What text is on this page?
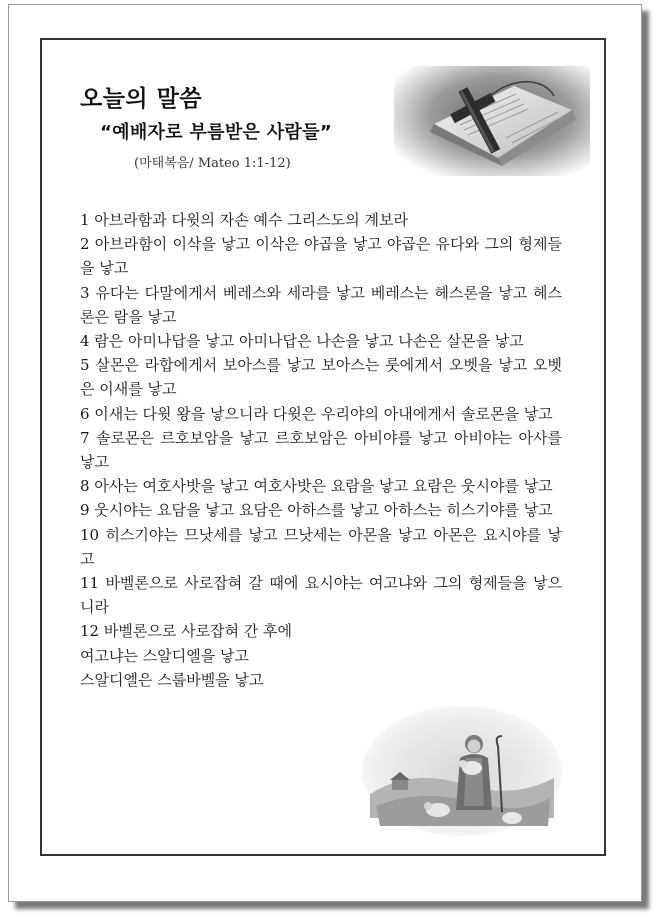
오늘의 말씀

“예배자로 부름받은 사람들”

(마태복음/ Mateo 1:1-12)

1 아브라함과 다윗의 자손 예수 그리스도의 계보라
2 아브라함이 이삭을 낳고 이삭은 야곱을 낳고 야곱은 유다와 그의 형제들을 낳고
3 유다는 다말에게서 베레스와 세라를 낳고 베레스는 헤스론을 낳고 헤스론은 람을 낳고
4 람은 아미나답을 낳고 아미나답은 나손을 낳고 나손은 살몬을 낳고
5 살몬은 라합에게서 보아스를 낳고 보아스는 룻에게서 오벳을 낳고 오벳은 이새를 낳고
6 이새는 다윗 왕을 낳으니라 다윗은 우리야의 아내에게서 솔로몬을 낳고
7 솔로몬은 르호보암을 낳고 르호보암은 아비야를 낳고 아비야는 아사를 낳고
8 아사는 여호사밧을 낳고 여호사밧은 요람을 낳고 요람은 웃시야를 낳고
9 웃시야는 요담을 낳고 요담은 아하스를 낳고 아하스는 히스기야를 낳고
10 히스기야는 므낫세를 낳고 므낫세는 아몬을 낳고 아몬은 요시야를 낳고
11 바벨론으로 사로잡혀 갈 때에 요시야는 여고냐와 그의 형제들을 낳으니라
12 바벨론으로 사로잡혀 간 후에
여고냐는 스알디엘을 낳고
스알디엘은 스룹바벨을 낳고
